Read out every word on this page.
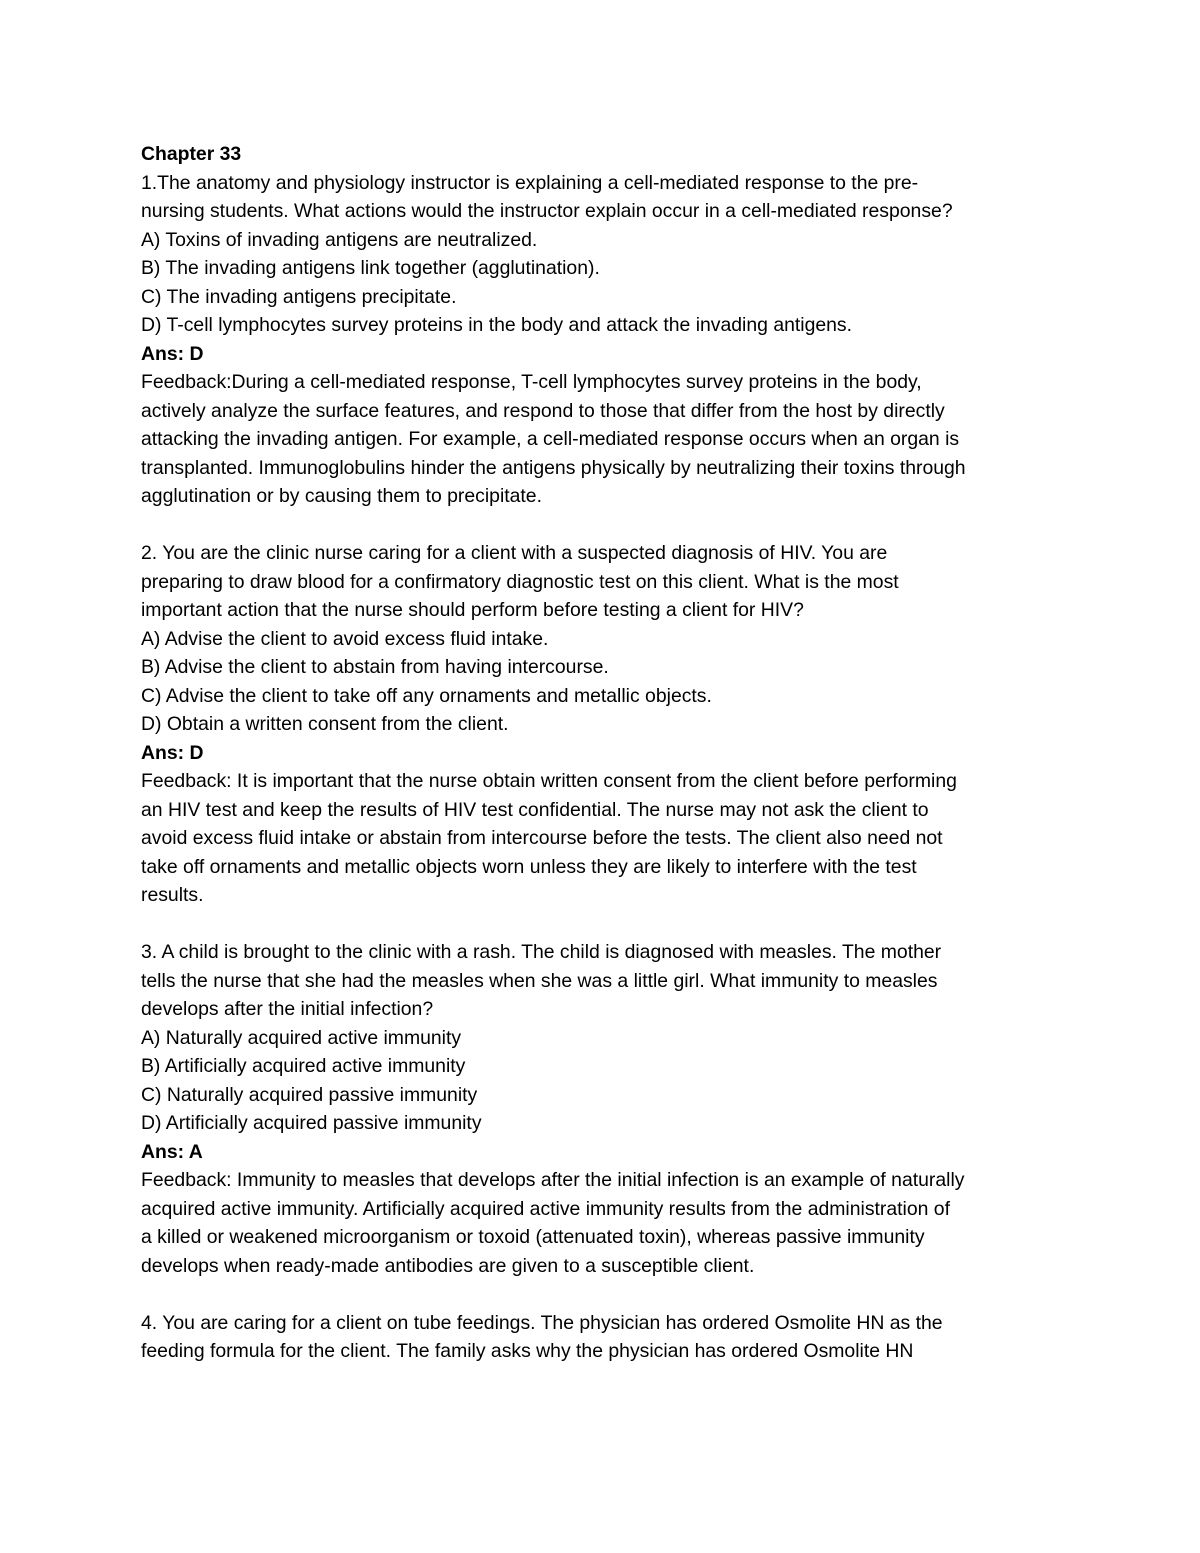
Chapter 33
1.The anatomy and physiology instructor is explaining a cell-mediated response to the pre-
nursing students. What actions would the instructor explain occur in a cell-mediated response?
A) Toxins of invading antigens are neutralized.
B) The invading antigens link together (agglutination).
C) The invading antigens precipitate.
D) T-cell lymphocytes survey proteins in the body and attack the invading antigens.
Ans: D
Feedback:During a cell-mediated response, T-cell lymphocytes survey proteins in the body,
actively analyze the surface features, and respond to those that differ from the host by directly
attacking the invading antigen. For example, a cell-mediated response occurs when an organ is
transplanted. Immunoglobulins hinder the antigens physically by neutralizing their toxins through
agglutination or by causing them to precipitate.
2. You are the clinic nurse caring for a client with a suspected diagnosis of HIV. You are
preparing to draw blood for a confirmatory diagnostic test on this client. What is the most
important action that the nurse should perform before testing a client for HIV?
A) Advise the client to avoid excess fluid intake.
B) Advise the client to abstain from having intercourse.
C) Advise the client to take off any ornaments and metallic objects.
D) Obtain a written consent from the client.
Ans: D
Feedback: It is important that the nurse obtain written consent from the client before performing
an HIV test and keep the results of HIV test confidential. The nurse may not ask the client to
avoid excess fluid intake or abstain from intercourse before the tests. The client also need not
take off ornaments and metallic objects worn unless they are likely to interfere with the test
results.
3. A child is brought to the clinic with a rash. The child is diagnosed with measles. The mother
tells the nurse that she had the measles when she was a little girl. What immunity to measles
develops after the initial infection?
A) Naturally acquired active immunity
B) Artificially acquired active immunity
C) Naturally acquired passive immunity
D) Artificially acquired passive immunity
Ans: A
Feedback: Immunity to measles that develops after the initial infection is an example of naturally
acquired active immunity. Artificially acquired active immunity results from the administration of
a killed or weakened microorganism or toxoid (attenuated toxin), whereas passive immunity
develops when ready-made antibodies are given to a susceptible client.
4. You are caring for a client on tube feedings. The physician has ordered Osmolite HN as the
feeding formula for the client. The family asks why the physician has ordered Osmolite HN
